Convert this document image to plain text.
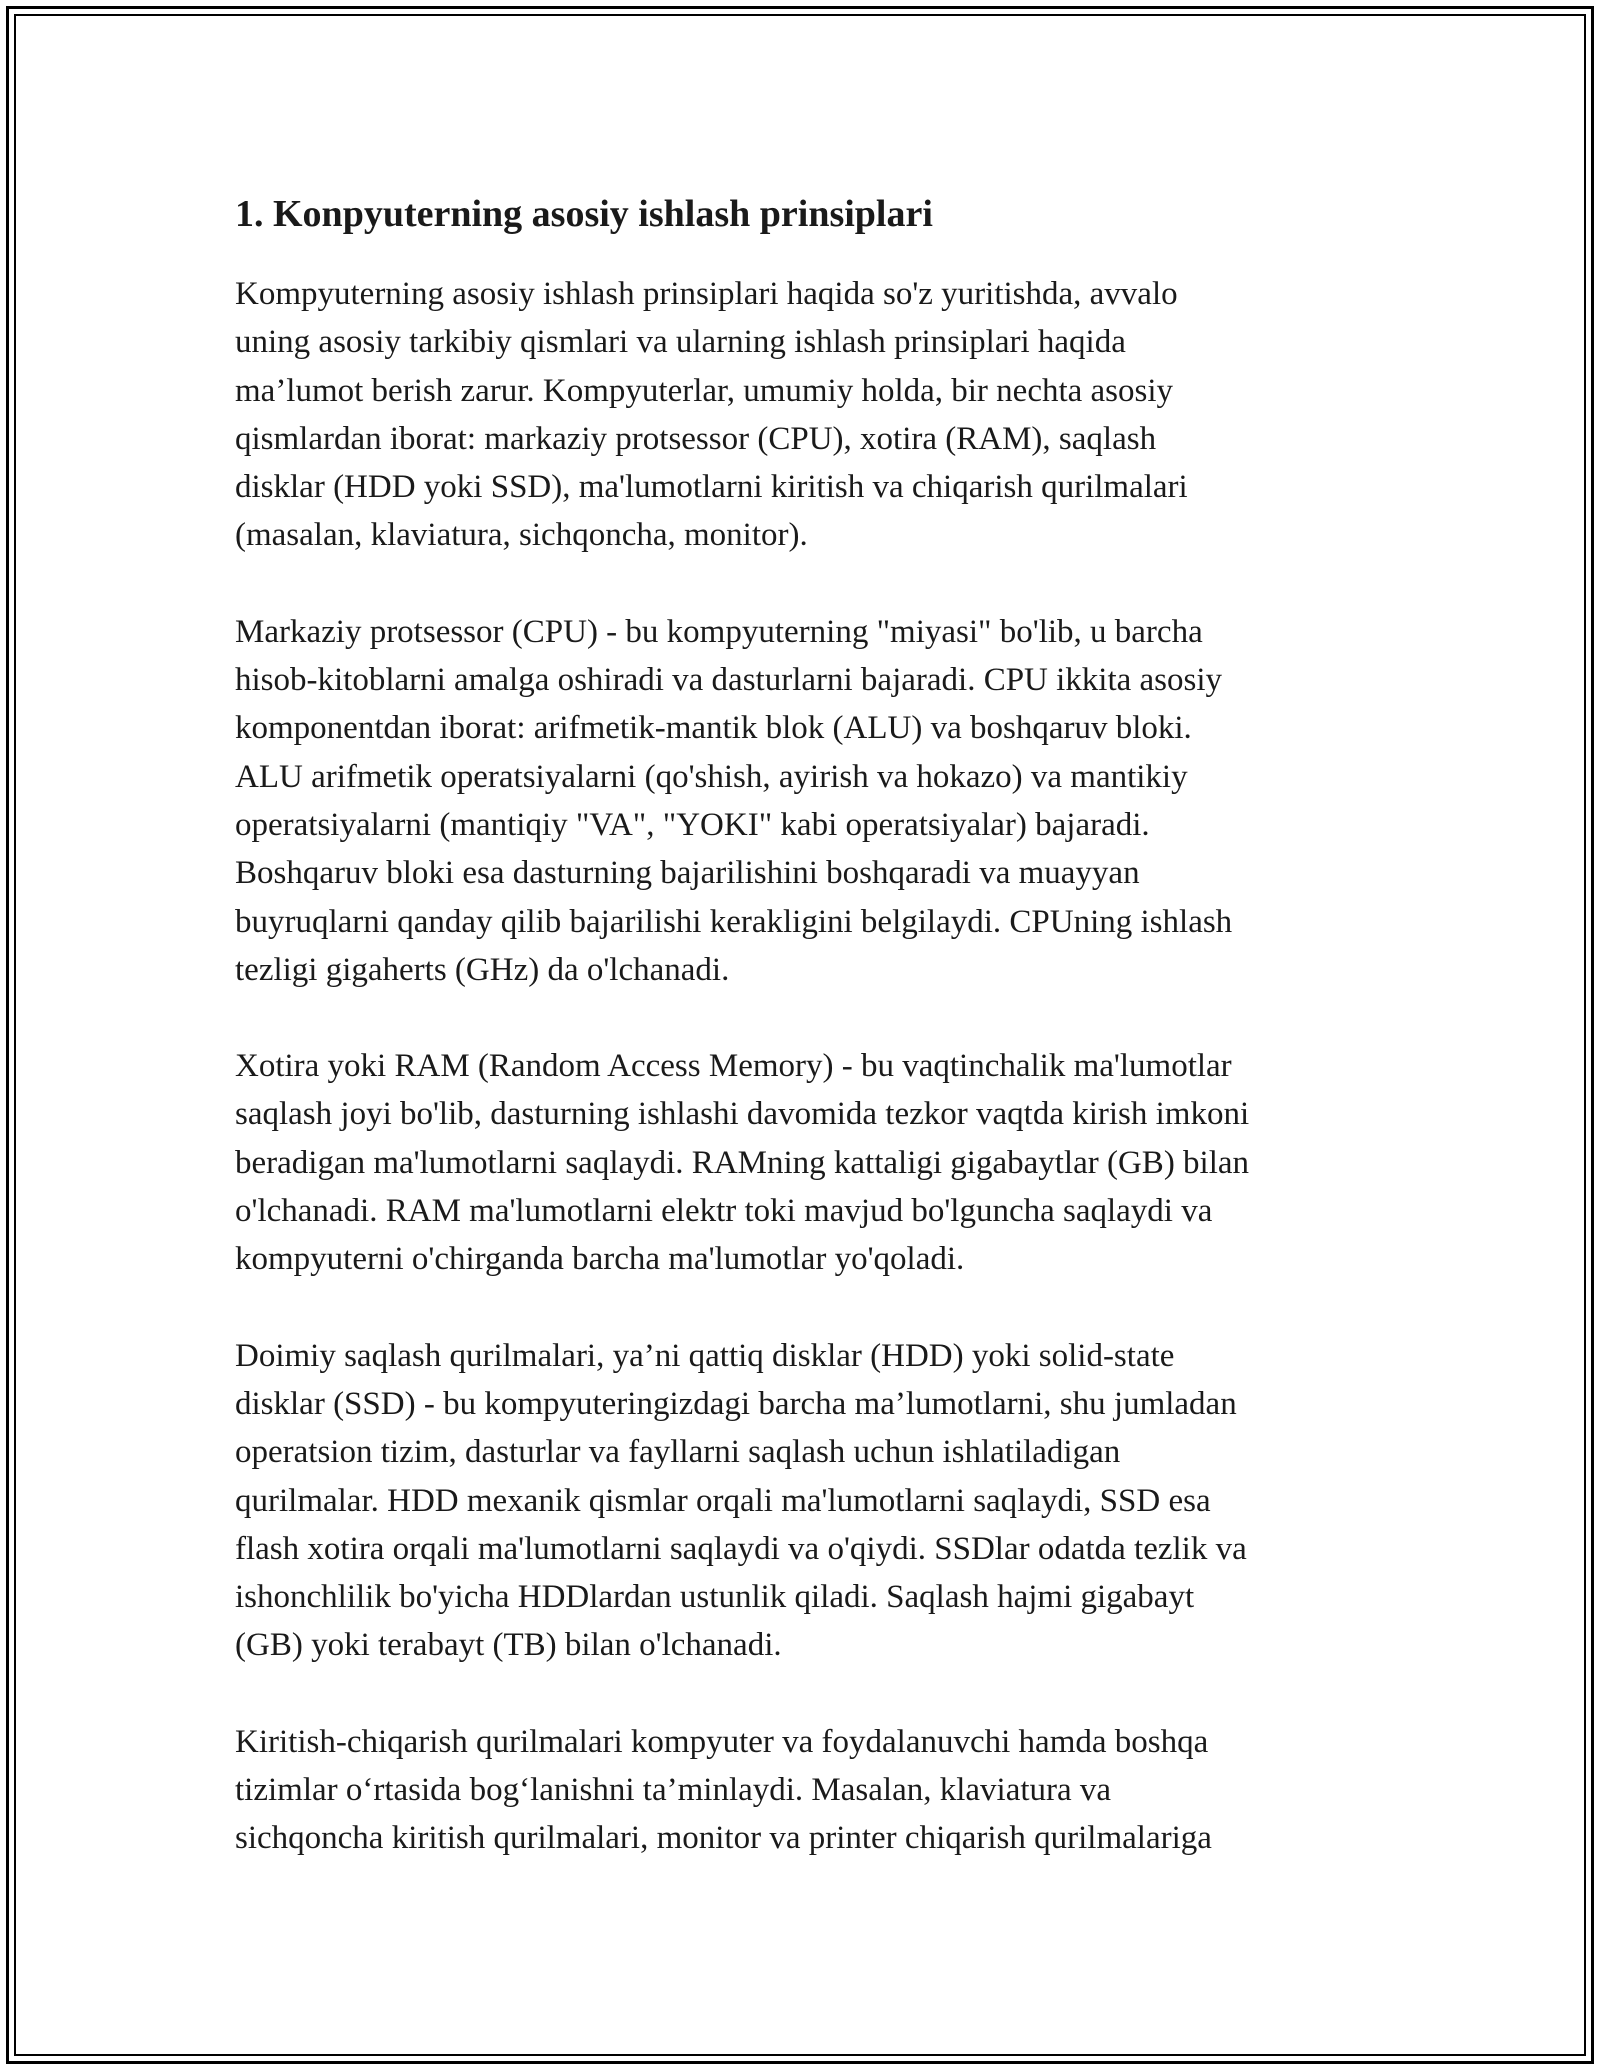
1. Konpyuterning asosiy ishlash prinsiplari

Kompyuterning asosiy ishlash prinsiplari haqida so'z yuritishda, avvalo
uning asosiy tarkibiy qismlari va ularning ishlash prinsiplari haqida
ma’lumot berish zarur. Kompyuterlar, umumiy holda, bir nechta asosiy
qismlardan iborat: markaziy protsessor (CPU), xotira (RAM), saqlash
disklar (HDD yoki SSD), ma'lumotlarni kiritish va chiqarish qurilmalari
(masalan, klaviatura, sichqoncha, monitor).

Markaziy protsessor (CPU) - bu kompyuterning "miyasi" bo'lib, u barcha
hisob-kitoblarni amalga oshiradi va dasturlarni bajaradi. CPU ikkita asosiy
komponentdan iborat: arifmetik-mantik blok (ALU) va boshqaruv bloki.
ALU arifmetik operatsiyalarni (qo'shish, ayirish va hokazo) va mantikiy
operatsiyalarni (mantiqiy "VA", "YOKI" kabi operatsiyalar) bajaradi.
Boshqaruv bloki esa dasturning bajarilishini boshqaradi va muayyan
buyruqlarni qanday qilib bajarilishi kerakligini belgilaydi. CPUning ishlash
tezligi gigaherts (GHz) da o'lchanadi.

Xotira yoki RAM (Random Access Memory) - bu vaqtinchalik ma'lumotlar
saqlash joyi bo'lib, dasturning ishlashi davomida tezkor vaqtda kirish imkoni
beradigan ma'lumotlarni saqlaydi. RAMning kattaligi gigabaytlar (GB) bilan
o'lchanadi. RAM ma'lumotlarni elektr toki mavjud bo'lguncha saqlaydi va
kompyuterni o'chirganda barcha ma'lumotlar yo'qoladi.

Doimiy saqlash qurilmalari, ya’ni qattiq disklar (HDD) yoki solid-state
disklar (SSD) - bu kompyuteringizdagi barcha ma’lumotlarni, shu jumladan
operatsion tizim, dasturlar va fayllarni saqlash uchun ishlatiladigan
qurilmalar. HDD mexanik qismlar orqali ma'lumotlarni saqlaydi, SSD esa
flash xotira orqali ma'lumotlarni saqlaydi va o'qiydi. SSDlar odatda tezlik va
ishonchlilik bo'yicha HDDlardan ustunlik qiladi. Saqlash hajmi gigabayt
(GB) yoki terabayt (TB) bilan o'lchanadi.

Kiritish-chiqarish qurilmalari kompyuter va foydalanuvchi hamda boshqa
tizimlar o‘rtasida bog‘lanishni ta’minlaydi. Masalan, klaviatura va
sichqoncha kiritish qurilmalari, monitor va printer chiqarish qurilmalariga
